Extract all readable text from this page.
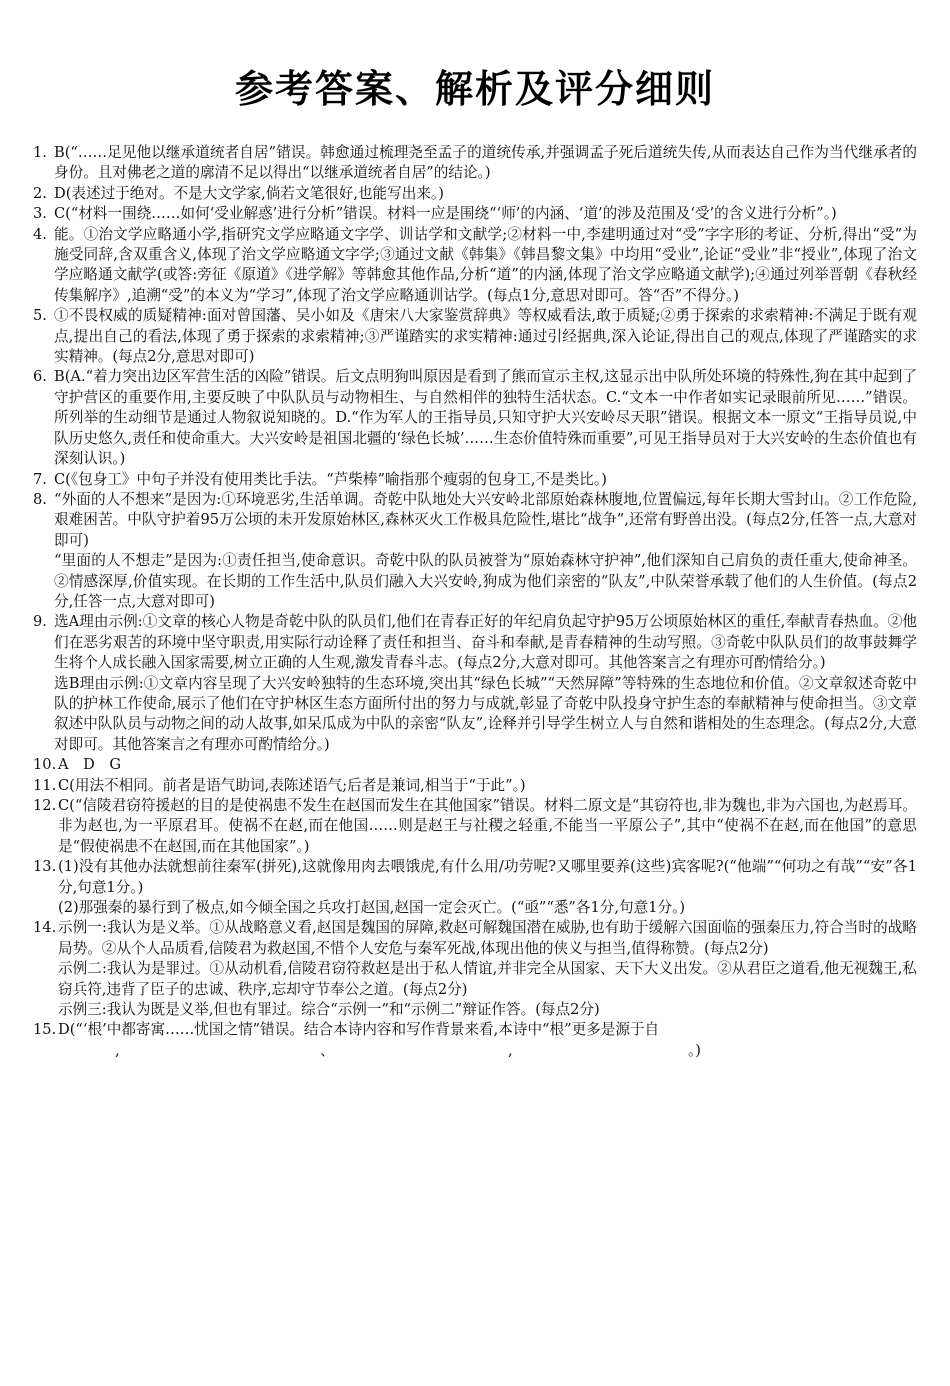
参考答案、解析及评分细则
1. B(“……足见他以继承道统者自居”错误。韩愈通过梳理尧至孟子的道统传承,并强调孟子死后道统失传,从而表达自己作为当代继承者的身份。且对佛老之道的廓清不足以得出“以继承道统者自居”的结论。)
2. D(表述过于绝对。不是大文学家,倘若文笔很好,也能写出来。)
3. C(“材料一围绕……如何‘受业解惑’进行分析”错误。材料一应是围绕“‘师’的内涵、‘道’的涉及范围及‘受’的含义进行分析”。)
4. 能。①治文学应略通小学,指研究文学应略通文字学、训诂学和文献学;②材料一中,李建明通过对“受”字字形的考证、分析,得出“受”为施受同辞,含双重含义,体现了治文学应略通文字学;③通过文献《韩集》《韩昌黎文集》中均用“受业”,论证“受业”非“授业”,体现了治文学应略通文献学(或答:旁征《原道》《进学解》等韩愈其他作品,分析“道”的内涵,体现了治文学应略通文献学);④通过列举晋朝《春秋经传集解序》,追溯“受”的本义为“学习”,体现了治文学应略通训诂学。(每点1分,意思对即可。答“否”不得分。)
5. ①不畏权威的质疑精神:面对曾国藩、吴小如及《唐宋八大家鉴赏辞典》等权威看法,敢于质疑;②勇于探索的求索精神:不满足于既有观点,提出自己的看法,体现了勇于探索的求索精神;③严谨踏实的求实精神:通过引经据典,深入论证,得出自己的观点,体现了严谨踏实的求实精神。(每点2分,意思对即可)
6. B(A.“着力突出边区军营生活的凶险”错误。后文点明狗叫原因是看到了熊而宣示主权,这显示出中队所处环境的特殊性,狗在其中起到了守护营区的重要作用,主要反映了中队队员与动物相生、与自然相伴的独特生活状态。C.“文本一中作者如实记录眼前所见……”错误。所列举的生动细节是通过人物叙说知晓的。D.“作为军人的王指导员,只知守护大兴安岭尽天职”错误。根据文本一原文“王指导员说,中队历史悠久,责任和使命重大。大兴安岭是祖国北疆的‘绿色长城’……生态价值特殊而重要”,可见王指导员对于大兴安岭的生态价值也有深刻认识。)
7. C(《包身工》中句子并没有使用类比手法。“芦柴棒”喻指那个瘦弱的包身工,不是类比。)
8. “外面的人不想来”是因为:①环境恶劣,生活单调。奇乾中队地处大兴安岭北部原始森林腹地,位置偏远,每年长期大雪封山。②工作危险,艰难困苦。中队守护着95万公顷的未开发原始林区,森林灭火工作极具危险性,堪比“战争”,还常有野兽出没。(每点2分,任答一点,大意对即可)
“里面的人不想走”是因为:①责任担当,使命意识。奇乾中队的队员被誉为“原始森林守护神”,他们深知自己肩负的责任重大,使命神圣。②情感深厚,价值实现。在长期的工作生活中,队员们融入大兴安岭,狗成为他们亲密的“队友”,中队荣誉承载了他们的人生价值。(每点2分,任答一点,大意对即可)
9. 选A理由示例:①文章的核心人物是奇乾中队的队员们,他们在青春正好的年纪肩负起守护95万公顷原始林区的重任,奉献青春热血。②他们在恶劣艰苦的环境中坚守职责,用实际行动诠释了责任和担当、奋斗和奉献,是青春精神的生动写照。③奇乾中队队员们的故事鼓舞学生将个人成长融入国家需要,树立正确的人生观,激发青春斗志。(每点2分,大意对即可。其他答案言之有理亦可酌情给分。)
选B理由示例:①文章内容呈现了大兴安岭独特的生态环境,突出其“绿色长城”“天然屏障”等特殊的生态地位和价值。②文章叙述奇乾中队的护林工作使命,展示了他们在守护林区生态方面所付出的努力与成就,彰显了奇乾中队投身守护生态的奉献精神与使命担当。③文章叙述中队队员与动物之间的动人故事,如呆瓜成为中队的亲密“队友”,诠释并引导学生树立人与自然和谐相处的生态理念。(每点2分,大意对即可。其他答案言之有理亦可酌情给分。)
10. A　D　G
11. C(用法不相同。前者是语气助词,表陈述语气;后者是兼词,相当于“于此”。)
12. C(“信陵君窃符援赵的目的是使祸患不发生在赵国而发生在其他国家”错误。材料二原文是“其窃符也,非为魏也,非为六国也,为赵焉耳。非为赵也,为一平原君耳。使祸不在赵,而在他国……则是赵王与社稷之轻重,不能当一平原公子”,其中“使祸不在赵,而在他国”的意思是“假使祸患不在赵国,而在其他国家”。)
13. (1)没有其他办法就想前往秦军(拼死),这就像用肉去喂饿虎,有什么用/功劳呢?又哪里要养(这些)宾客呢?(“他端”“何功之有哉”“安”各1分,句意1分。)
(2)那强秦的暴行到了极点,如今倾全国之兵攻打赵国,赵国一定会灭亡。(“亟”“悉”各1分,句意1分。)
14. 示例一:我认为是义举。①从战略意义看,赵国是魏国的屏障,救赵可解魏国潜在威胁,也有助于缓解六国面临的强秦压力,符合当时的战略局势。②从个人品质看,信陵君为救赵国,不惜个人安危与秦军死战,体现出他的侠义与担当,值得称赞。(每点2分)
示例二:我认为是罪过。①从动机看,信陵君窃符救赵是出于私人情谊,并非完全从国家、天下大义出发。②从君臣之道看,他无视魏王,私窃兵符,违背了臣子的忠诚、秩序,忘却守节奉公之道。(每点2分)
示例三:我认为既是义举,但也有罪过。综合“示例一”和“示例二”辩证作答。(每点2分)
15. D(“‘根’中都寄寓……忧国之情”错误。结合本诗内容和写作背景来看,本诗中“根”更多是源于自
,	、	,	。)
